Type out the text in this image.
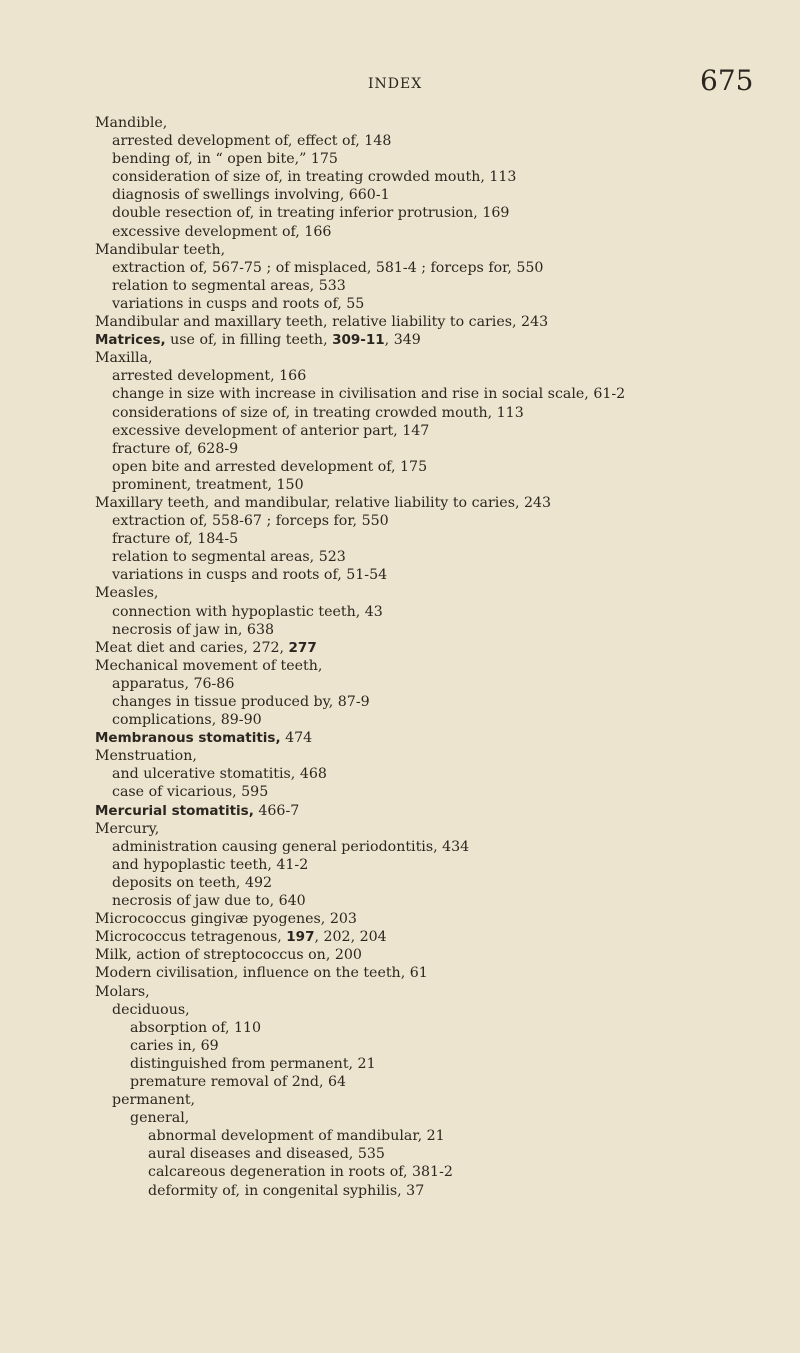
INDEX	675
Mandible,
arrested development of, effect of, 148
bending of, in “ open bite,” 175
consideration of size of, in treating crowded mouth, 113
diagnosis of swellings involving, 660-1
double resection of, in treating inferior protrusion, 169
excessive development of, 166
Mandibular teeth,
extraction of, 567-75 ; of misplaced, 581-4 ; forceps for, 550
relation to segmental areas, 533
variations in cusps and roots of, 55
Mandibular and maxillary teeth, relative liability to caries, 243
Matrices, use of, in filling teeth, 309-11, 349
Maxilla,
arrested development, 166
change in size with increase in civilisation and rise in social scale, 61-2
considerations of size of, in treating crowded mouth, 113
excessive development of anterior part, 147
fracture of, 628-9
open bite and arrested development of, 175
prominent, treatment, 150
Maxillary teeth, and mandibular, relative liability to caries, 243
extraction of, 558-67 ; forceps for, 550
fracture of, 184-5
relation to segmental areas, 523
variations in cusps and roots of, 51-54
Measles,
connection with hypoplastic teeth, 43
necrosis of jaw in, 638
Meat diet and caries, 272, 277
Mechanical movement of teeth,
apparatus, 76-86
changes in tissue produced by, 87-9
complications, 89-90
Membranous stomatitis, 474
Menstruation,
and ulcerative stomatitis, 468
case of vicarious, 595
Mercurial stomatitis, 466-7
Mercury,
administration causing general periodontitis, 434
and hypoplastic teeth, 41-2
deposits on teeth, 492
necrosis of jaw due to, 640
Micrococcus gingivæ pyogenes, 203
Micrococcus tetragenous, 197, 202, 204
Milk, action of streptococcus on, 200
Modern civilisation, influence on the teeth, 61
Molars,
deciduous,
absorption of, 110
caries in, 69
distinguished from permanent, 21
premature removal of 2nd, 64
permanent,
general,
abnormal development of mandibular, 21
aural diseases and diseased, 535
calcareous degeneration in roots of, 381-2
deformity of, in congenital syphilis, 37
